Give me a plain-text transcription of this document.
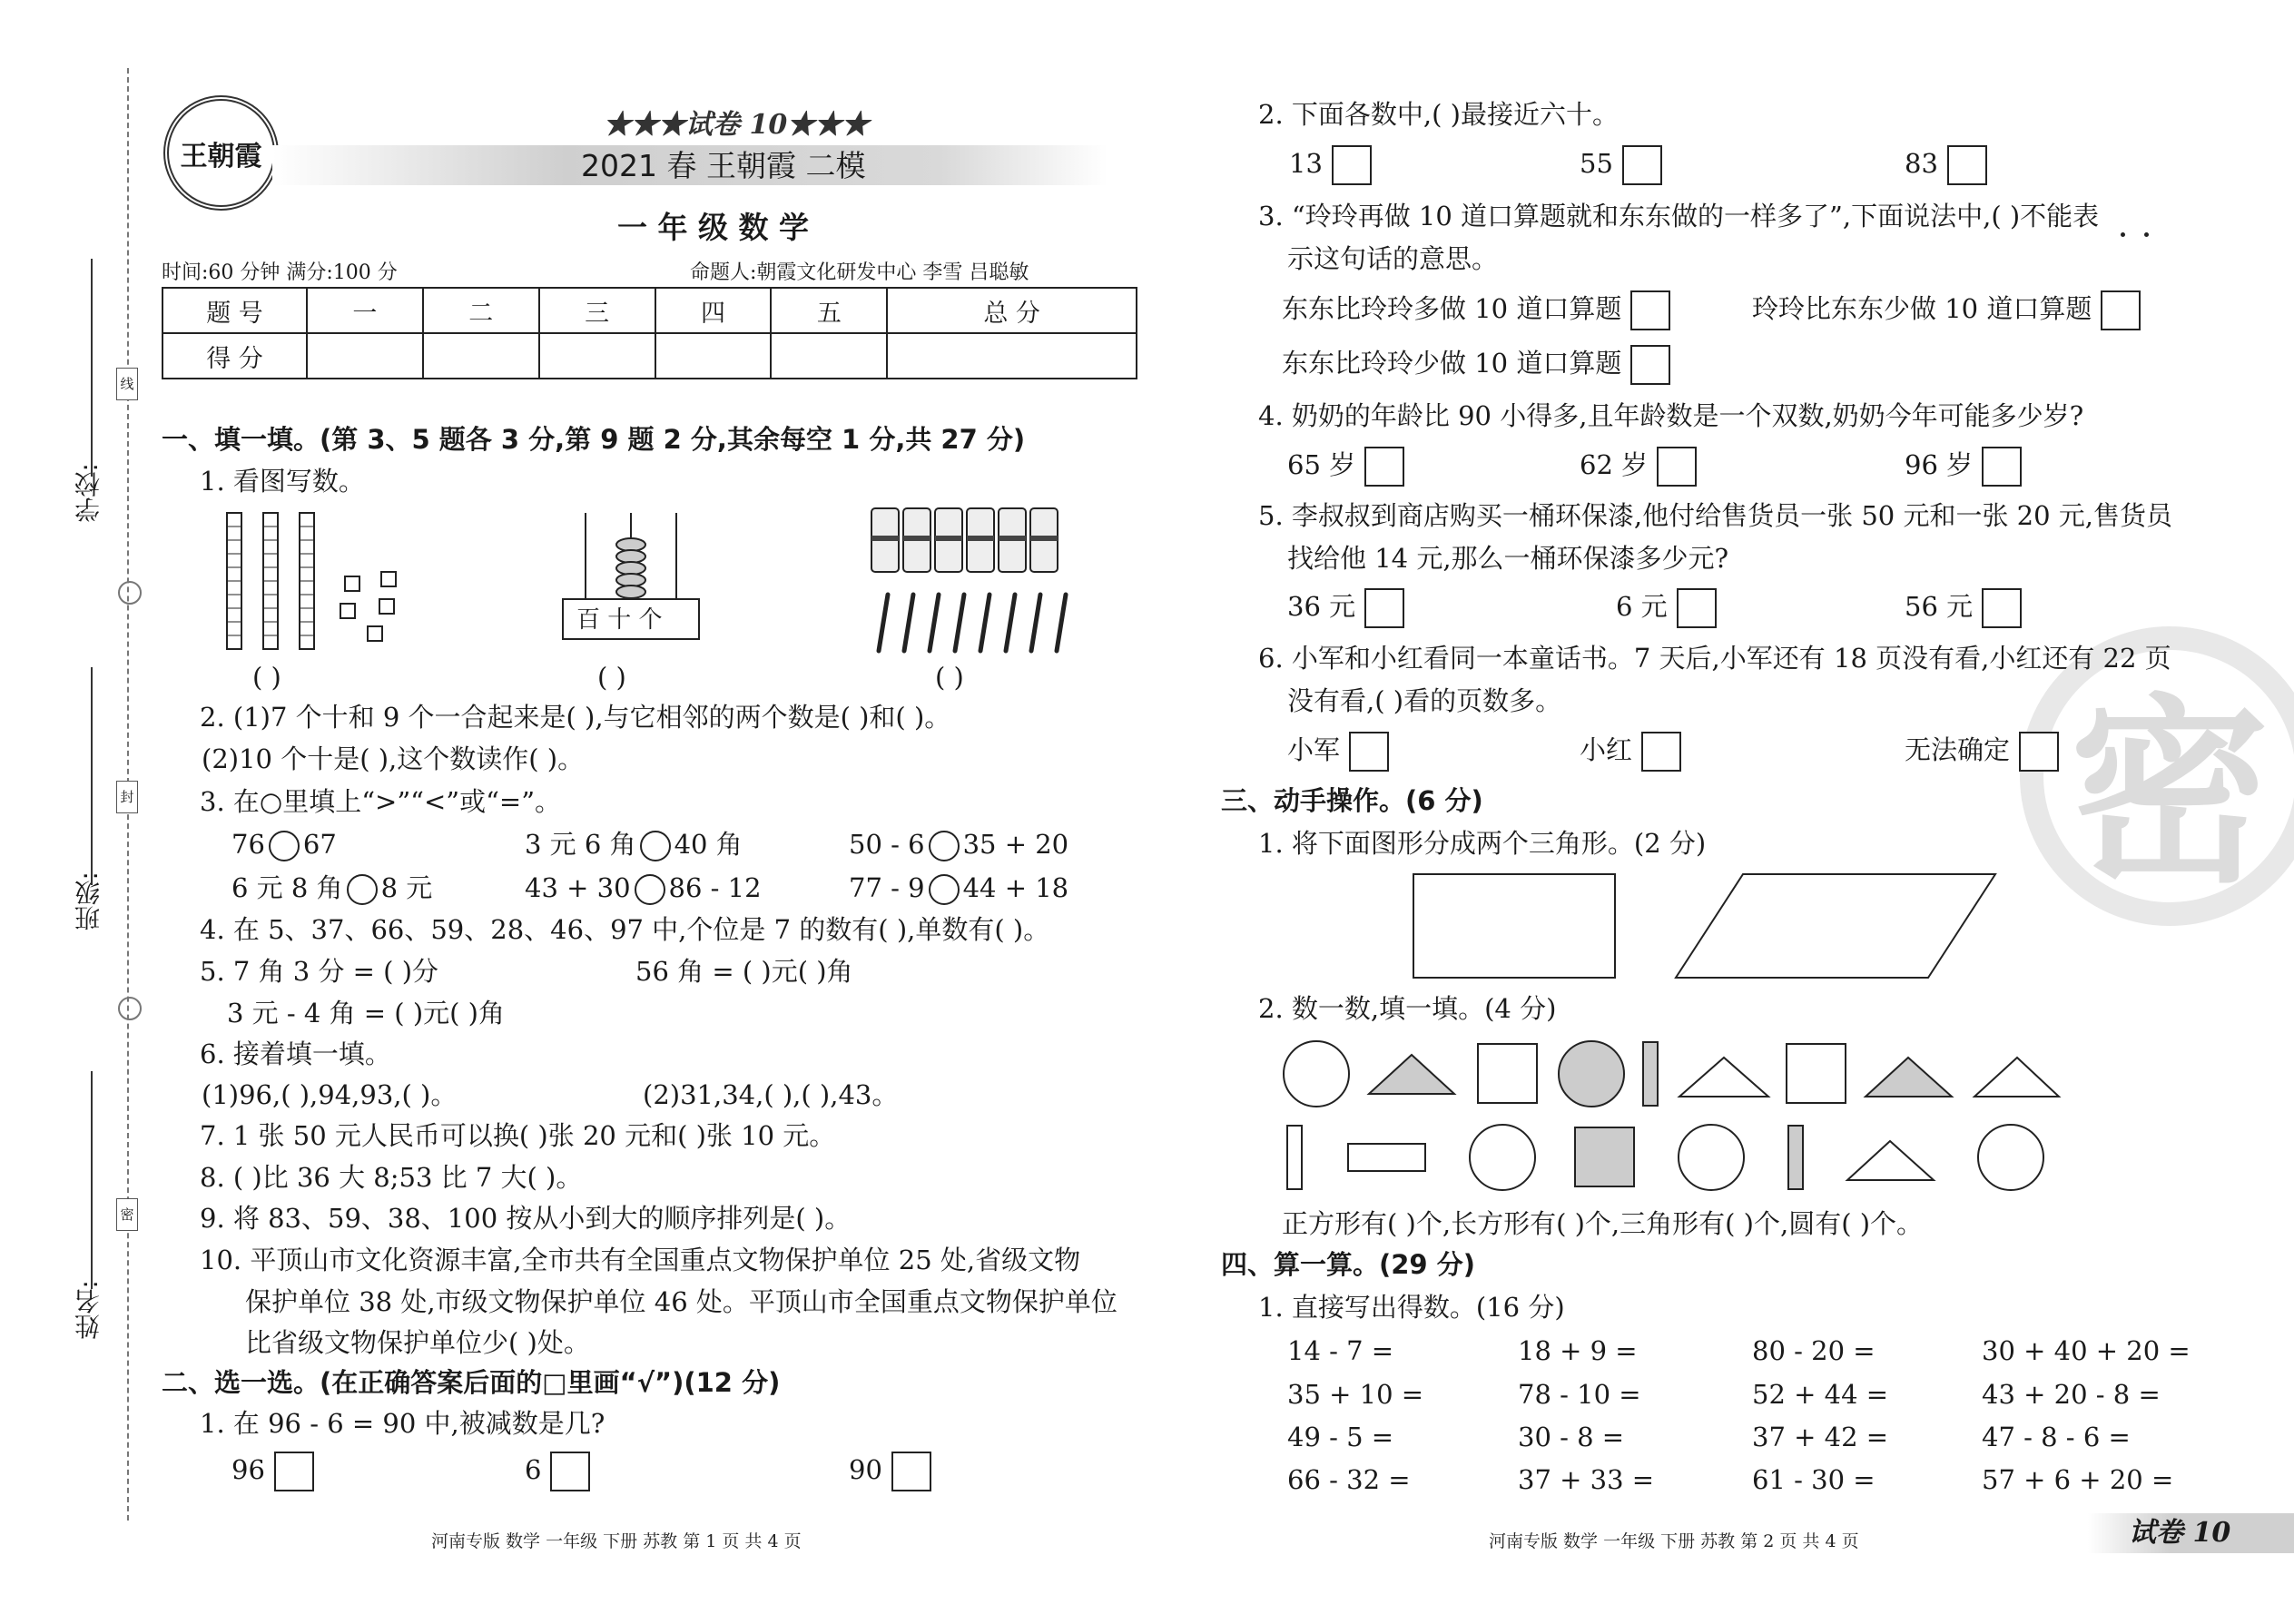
线
封
密
学校:
班级:
姓名:
王朝霞
★★★试卷 10★★★
2021 春 王朝霞 二模
一 年 级 数 学
时间:60 分钟 满分:100 分	命题人:朝霞文化研发中心 李雪 吕聪敏
题 号	一	二	三	四	五	总 分
得 分						
一、填一填。(第 3、5 题各 3 分,第 9 题 2 分,其余每空 1 分,共 27 分)
1. 看图写数。
百 十 个
( )	( )	( )
2. (1)7 个十和 9 个一合起来是( ),与它相邻的两个数是( )和( )。
(2)10 个十是( ),这个数读作( )。
3. 在○里填上“>”“<”或“=”。
76 67	3 元 6 角 40 角	50 - 6 35 + 20
6 元 8 角 8 元	43 + 30 86 - 12	77 - 9 44 + 18
4. 在 5、37、66、59、28、46、97 中,个位是 7 的数有( ),单数有( )。
5. 7 角 3 分 = ( )分	56 角 = ( )元( )角
3 元 - 4 角 = ( )元( )角
6. 接着填一填。
(1)96,( ),94,93,( )。	(2)31,34,( ),( ),43。
7. 1 张 50 元人民币可以换( )张 20 元和( )张 10 元。
8. ( )比 36 大 8;53 比 7 大( )。
9. 将 83、59、38、100 按从小到大的顺序排列是( )。
10. 平顶山市文化资源丰富,全市共有全国重点文物保护单位 25 处,省级文物
保护单位 38 处,市级文物保护单位 46 处。平顶山市全国重点文物保护单位
比省级文物保护单位少( )处。
二、选一选。(在正确答案后面的□里画“√”)(12 分)
1. 在 96 - 6 = 90 中,被减数是几?
96	6	90
河南专版 数学 一年级 下册 苏教 第 1 页 共 4 页
密
2. 下面各数中,( )最接近六十。
13	55	83
3. “玲玲再做 10 道口算题就和东东做的一样多了”,下面说法中,( )不能表
示这句话的意思。
东东比玲玲多做 10 道口算题	玲玲比东东少做 10 道口算题
东东比玲玲少做 10 道口算题
4. 奶奶的年龄比 90 小得多,且年龄数是一个双数,奶奶今年可能多少岁?
65 岁	62 岁	96 岁
5. 李叔叔到商店购买一桶环保漆,他付给售货员一张 50 元和一张 20 元,售货员
找给他 14 元,那么一桶环保漆多少元?
36 元	6 元	56 元
6. 小军和小红看同一本童话书。7 天后,小军还有 18 页没有看,小红还有 22 页
没有看,( )看的页数多。
小军	小红	无法确定
三、动手操作。(6 分)
1. 将下面图形分成两个三角形。(2 分)
2. 数一数,填一填。(4 分)
正方形有( )个,长方形有( )个,三角形有( )个,圆有( )个。
四、算一算。(29 分)
1. 直接写出得数。(16 分)
14 - 7 =	18 + 9 =	80 - 20 =	30 + 40 + 20 =
35 + 10 =	78 - 10 =	52 + 44 =	43 + 20 - 8 =
49 - 5 =	30 - 8 =	37 + 42 =	47 - 8 - 6 =
66 - 32 =	37 + 33 =	61 - 30 =	57 + 6 + 20 =
河南专版 数学 一年级 下册 苏教 第 2 页 共 4 页	试卷 10
